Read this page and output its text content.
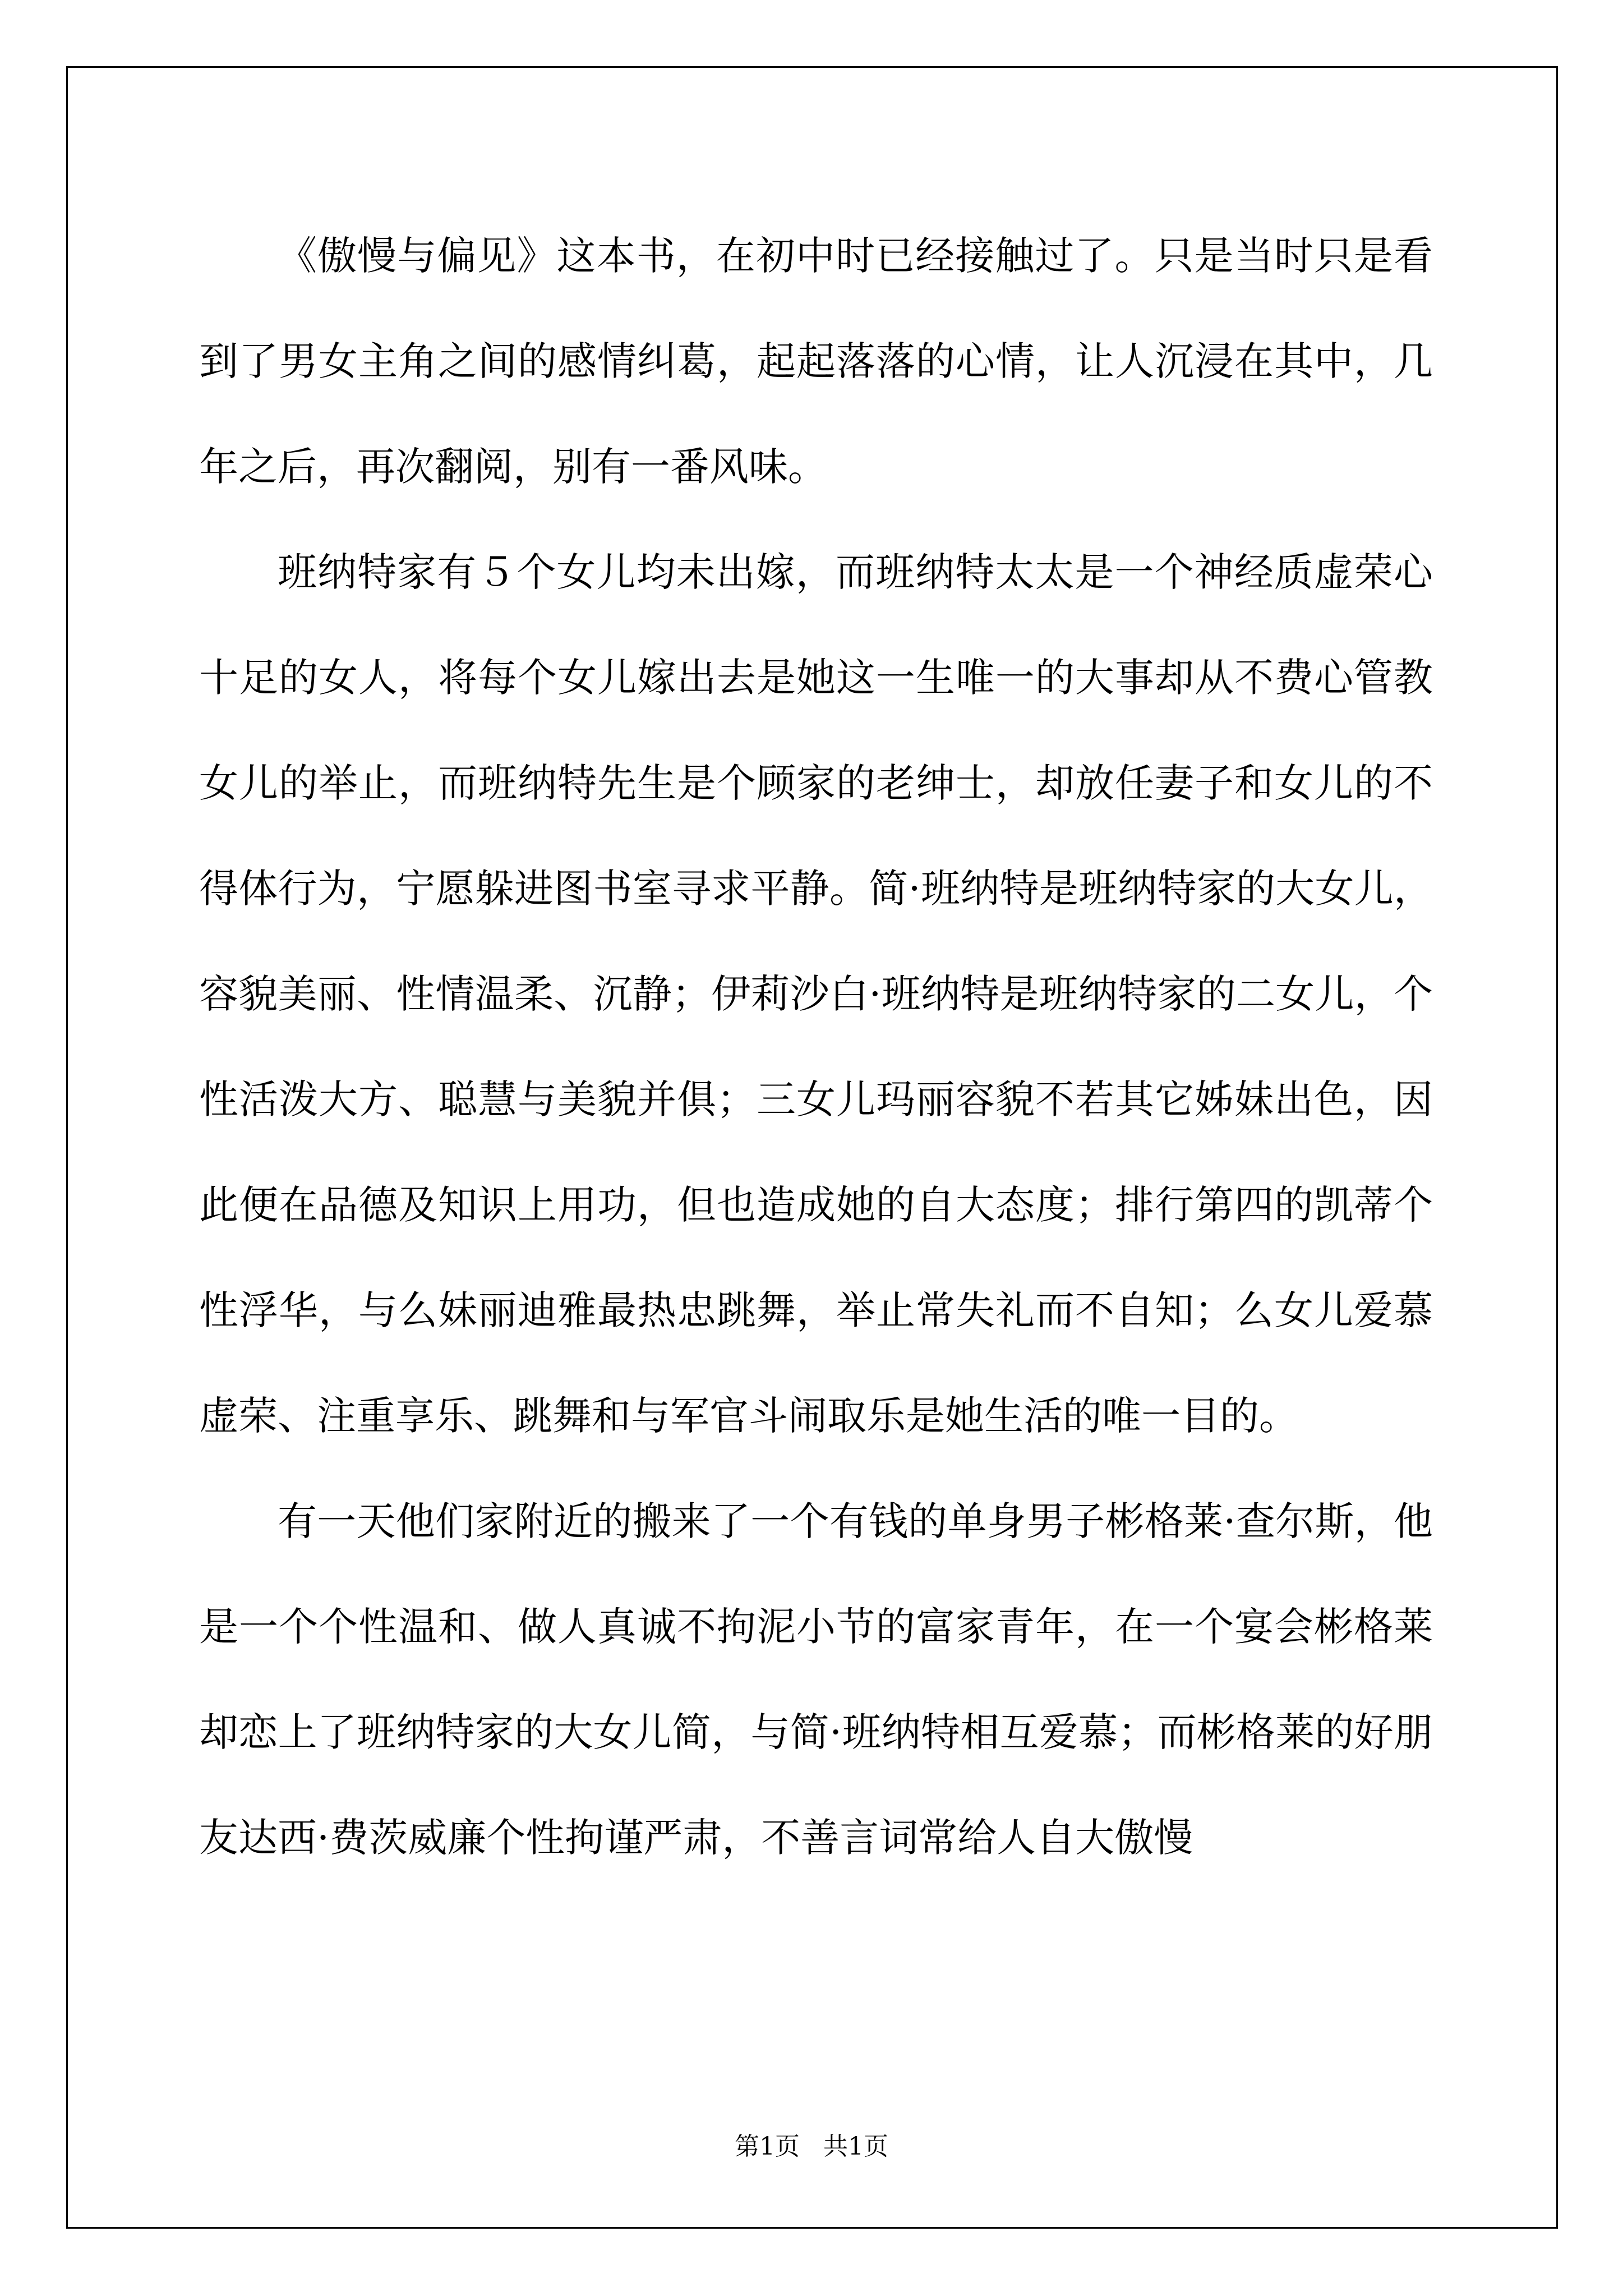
《傲慢与偏见》这本书，在初中时已经接触过了。只是当时只是看到了男女主角之间的感情纠葛，起起落落的心情，让人沉浸在其中，几年之后，再次翻阅，别有一番风味。

班纳特家有５个女儿均未出嫁，而班纳特太太是一个神经质虚荣心十足的女人，将每个女儿嫁出去是她这一生唯一的大事却从不费心管教女儿的举止，而班纳特先生是个顾家的老绅士，却放任妻子和女儿的不得体行为，宁愿躲进图书室寻求平静。简·班纳特是班纳特家的大女儿，容貌美丽、性情温柔、沉静；伊莉沙白·班纳特是班纳特家的二女儿，个性活泼大方、聪慧与美貌并俱；三女儿玛丽容貌不若其它姊妹出色，因此便在品德及知识上用功，但也造成她的自大态度；排行第四的凯蒂个性浮华，与么妹丽迪雅最热忠跳舞，举止常失礼而不自知；么女儿爱慕虚荣、注重享乐、跳舞和与军官斗闹取乐是她生活的唯一目的。

有一天他们家附近的搬来了一个有钱的单身男子彬格莱·查尔斯，他是一个个性温和、做人真诚不拘泥小节的富家青年，在一个宴会彬格莱却恋上了班纳特家的大女儿简，与简·班纳特相互爱慕；而彬格莱的好朋友达西·费茨威廉个性拘谨严肃，不善言词常给人自大傲慢

第1页   共1页
